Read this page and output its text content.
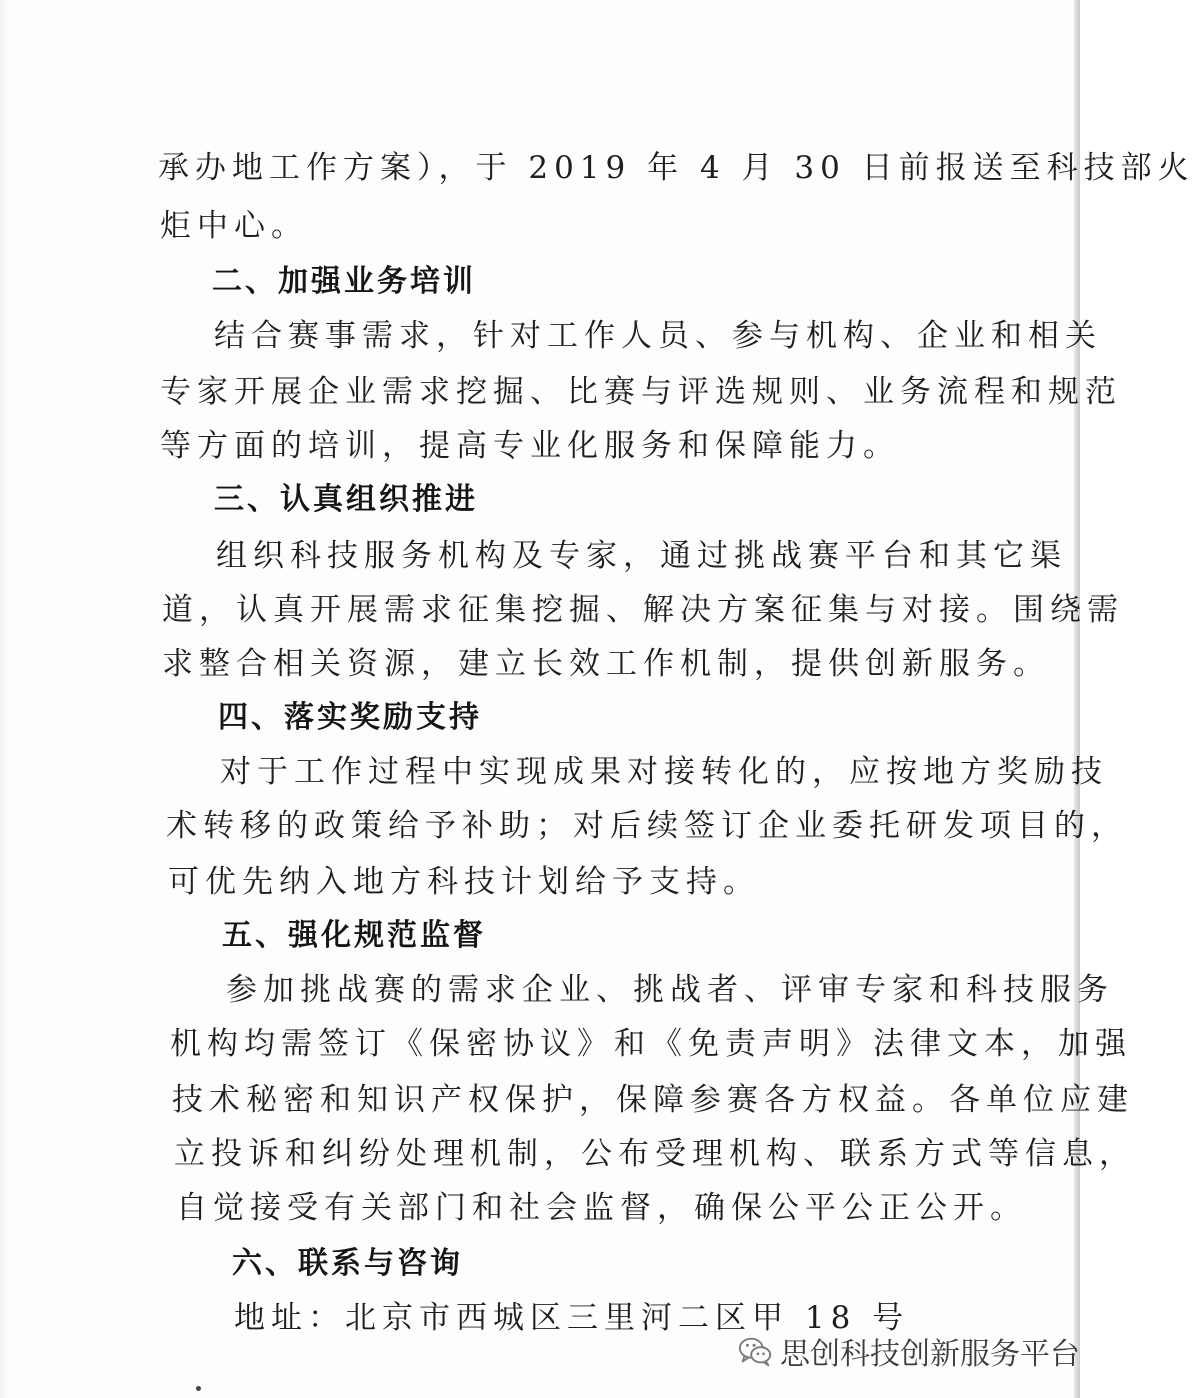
承办地工作方案），于 2019 年 4 月 30 日前报送至科技部火
炬中心。
二、加强业务培训
结合赛事需求，针对工作人员、参与机构、企业和相关
专家开展企业需求挖掘、比赛与评选规则、业务流程和规范
等方面的培训，提高专业化服务和保障能力。
三、认真组织推进
组织科技服务机构及专家，通过挑战赛平台和其它渠
道，认真开展需求征集挖掘、解决方案征集与对接。围绕需
求整合相关资源，建立长效工作机制，提供创新服务。
四、落实奖励支持
对于工作过程中实现成果对接转化的，应按地方奖励技
术转移的政策给予补助；对后续签订企业委托研发项目的，
可优先纳入地方科技计划给予支持。
五、强化规范监督
参加挑战赛的需求企业、挑战者、评审专家和科技服务
机构均需签订《保密协议》和《免责声明》法律文本，加强
技术秘密和知识产权保护，保障参赛各方权益。各单位应建
立投诉和纠纷处理机制，公布受理机构、联系方式等信息，
自觉接受有关部门和社会监督，确保公平公正公开。
六、联系与咨询
地址：北京市西城区三里河二区甲 18 号
思创科技创新服务平台
